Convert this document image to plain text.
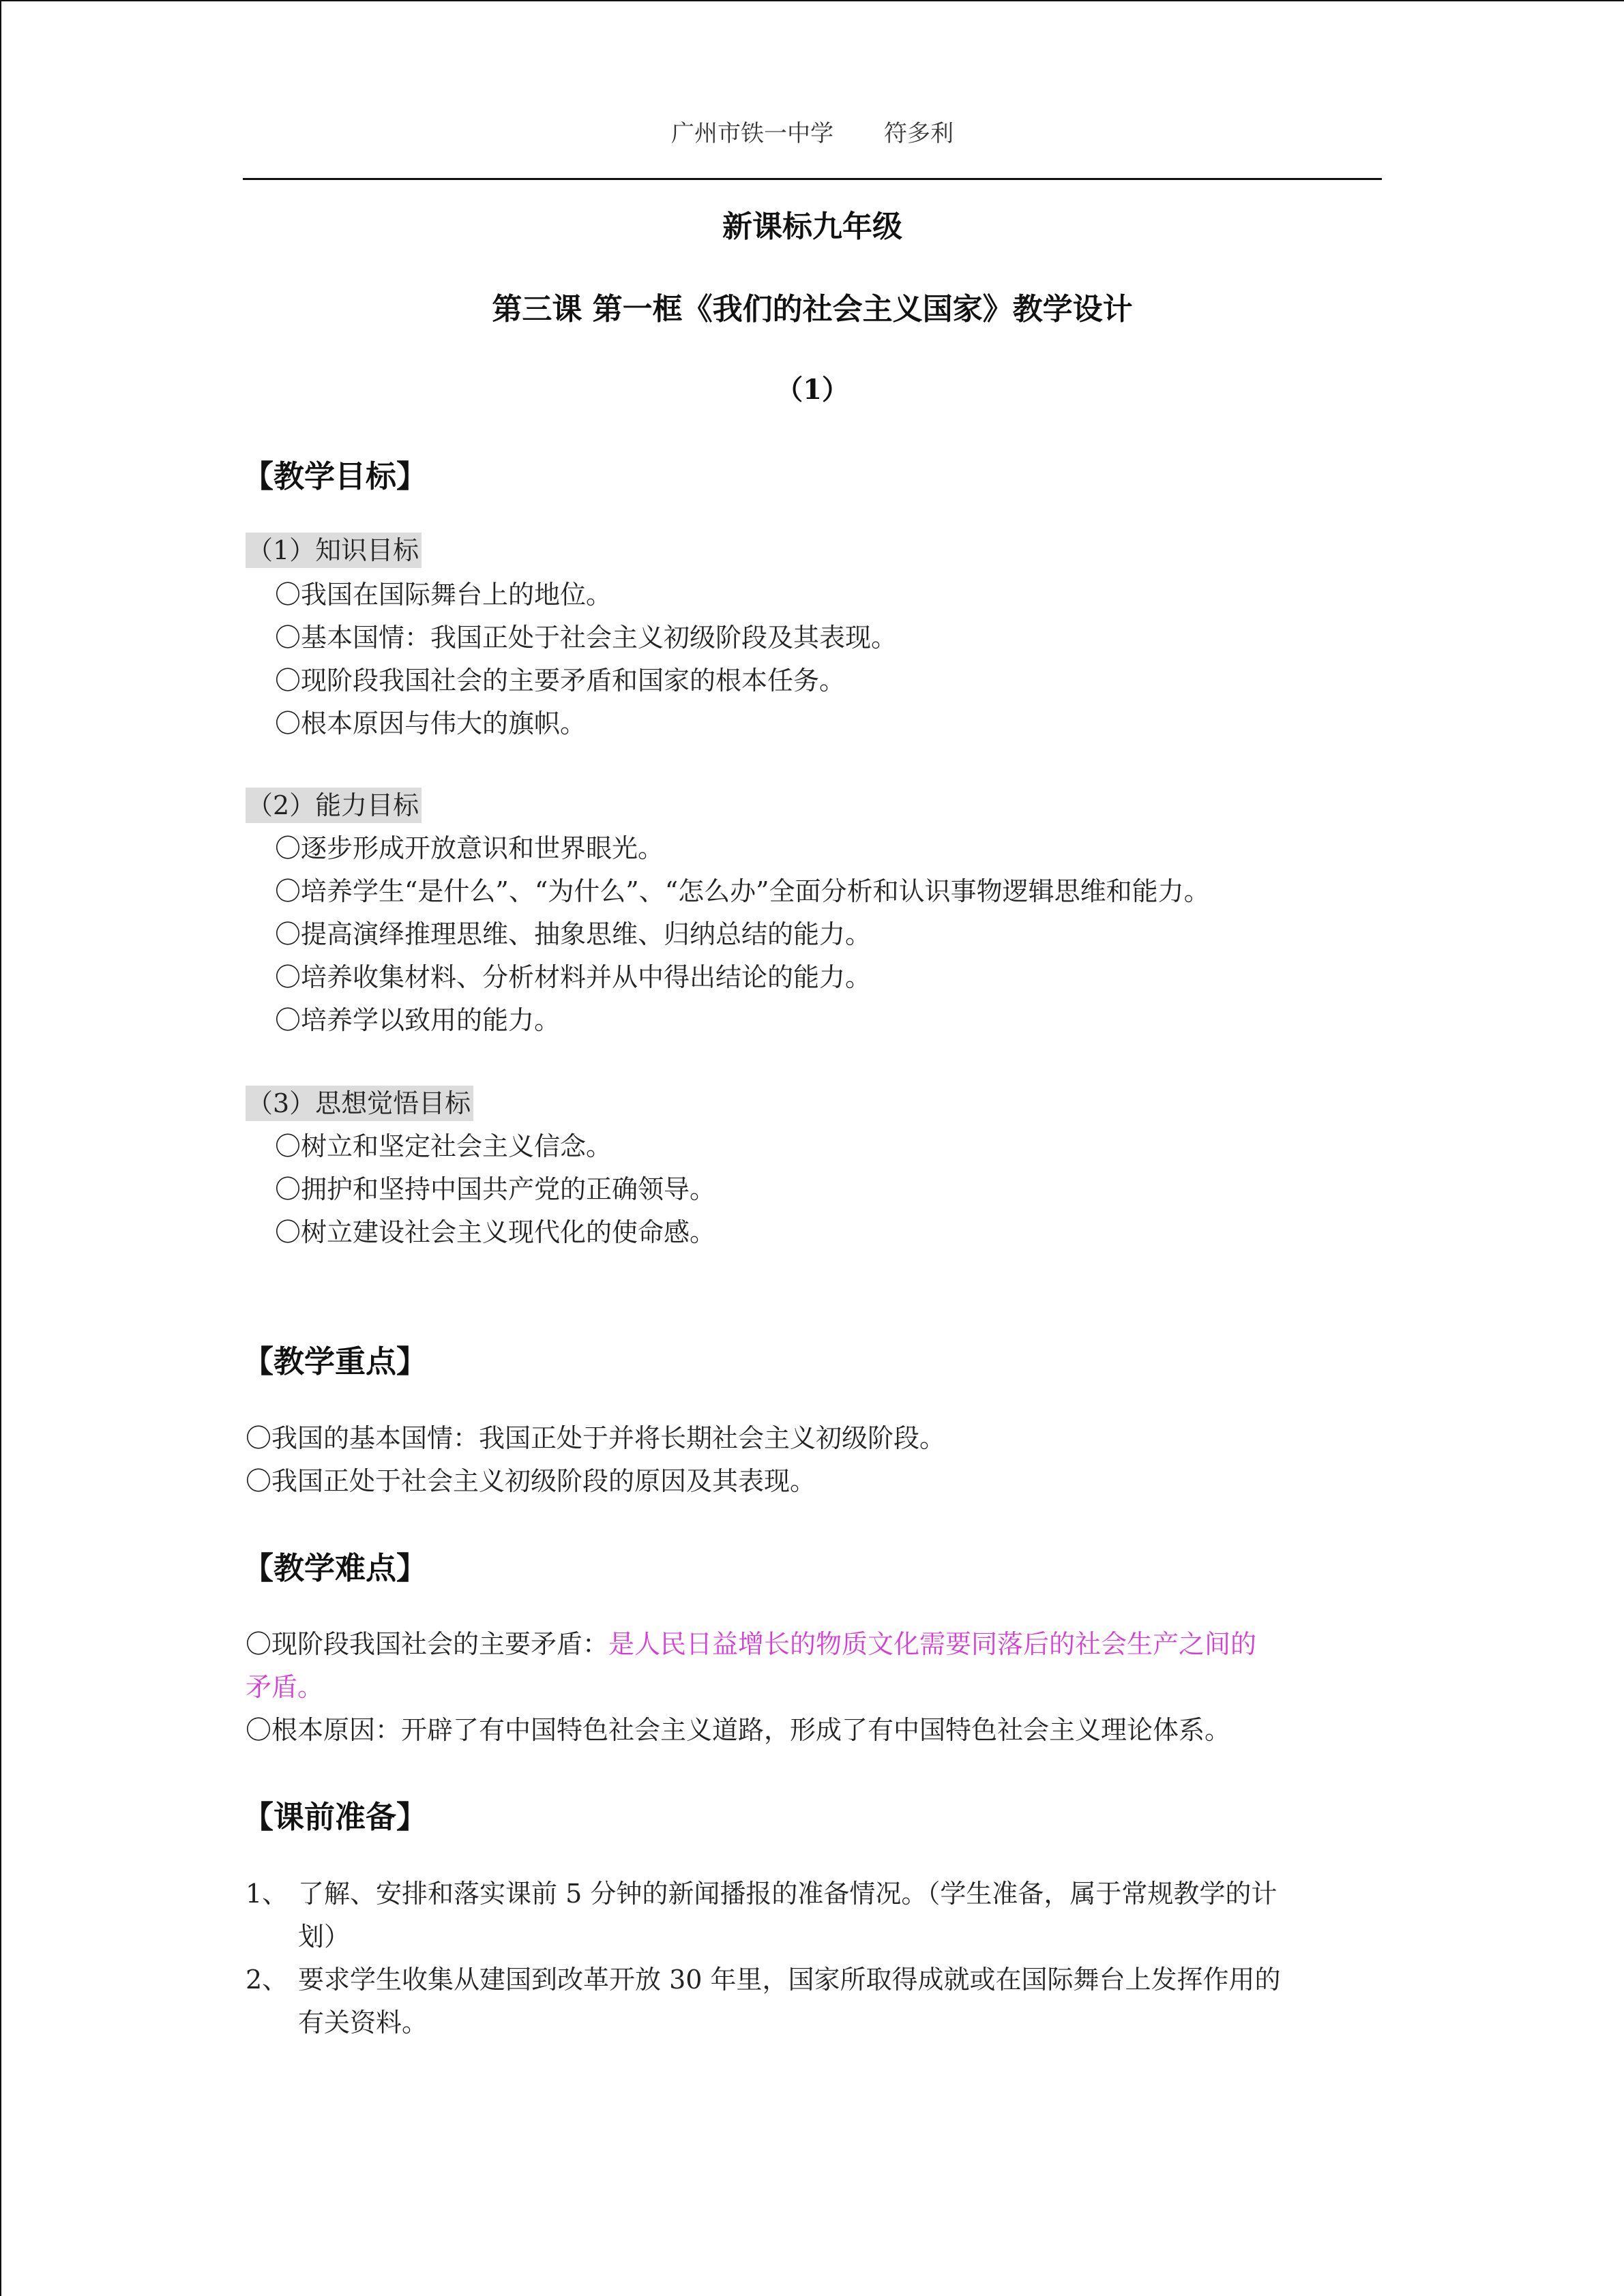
广州市铁一中学 符多利
新课标九年级
第三课 第一框《我们的社会主义国家》教学设计
（1）
【教学目标】
（1）知识目标
〇我国在国际舞台上的地位。
〇基本国情：我国正处于社会主义初级阶段及其表现。
〇现阶段我国社会的主要矛盾和国家的根本任务。
〇根本原因与伟大的旗帜。
（2）能力目标
〇逐步形成开放意识和世界眼光。
〇培养学生“是什么”、“为什么”、“怎么办”全面分析和认识事物逻辑思维和能力。
〇提高演绎推理思维、抽象思维、归纳总结的能力。
〇培养收集材料、分析材料并从中得出结论的能力。
〇培养学以致用的能力。
（3）思想觉悟目标
〇树立和坚定社会主义信念。
〇拥护和坚持中国共产党的正确领导。
〇树立建设社会主义现代化的使命感。
【教学重点】
〇我国的基本国情：我国正处于并将长期社会主义初级阶段。
〇我国正处于社会主义初级阶段的原因及其表现。
【教学难点】
〇现阶段我国社会的主要矛盾：是人民日益增长的物质文化需要同落后的社会生产之间的
矛盾。
〇根本原因：开辟了有中国特色社会主义道路，形成了有中国特色社会主义理论体系。
【课前准备】
1、 了解、安排和落实课前 5 分钟的新闻播报的准备情况。（学生准备，属于常规教学的计
划）
2、 要求学生收集从建国到改革开放 30 年里，国家所取得成就或在国际舞台上发挥作用的
有关资料。
